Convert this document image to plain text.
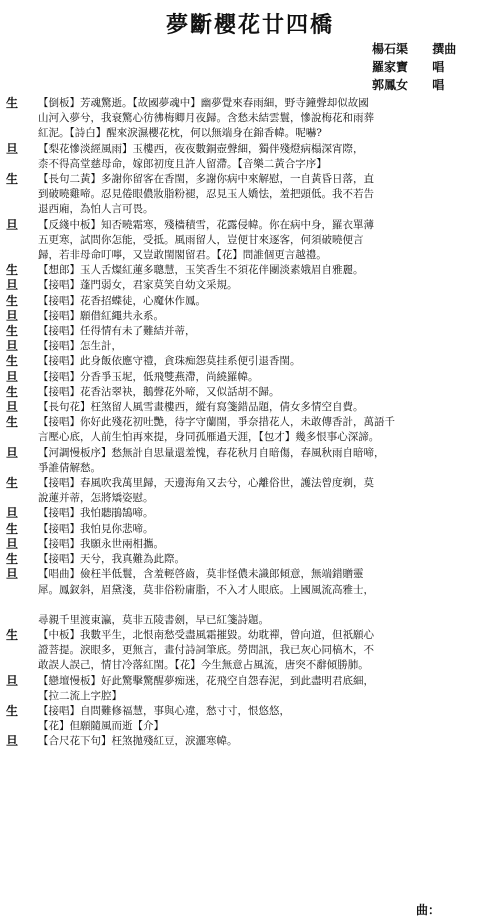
夢斷櫻花廿四橋
楊石渠 撰曲
羅家寶 唱
郭鳳女 唱
生 【倒板】芳魂驚逝。【故國夢魂中】幽夢覺來春雨細，野寺鐘聲却似故國
山河入夢兮，我衰驚心彷彿梅卿月夜歸。含愁未結雲鬟，慘說梅花和雨葬
紅泥。【詩白】醒來淚濕櫻花枕，何以無端身在錦香幃。呢嚇?
旦 【梨花慘淡經風雨】玉樓西，夜夜數銅壺聲細，獨伴殘燈病榻深宵際，
柰不得高堂慈母命，嫁郎初度且許人留滯。【音樂二黃合字序】
生 【長句二黃】多謝你留客在香閨，多謝你病中來解慰，一自黃昏日落，直
到破曉雞啼。忍見倦眼儂妝脂粉褪，忍見玉人嬌怯，羞把頭低。我不若告
退西廂，為怕人言可畏。
旦 【反綫中板】知否曉霜寒，殘檣積雪，花露侵幃。你在病中身，羅衣單薄
五更寒，試問你怎能，受抵。風雨留人，豈便甘來逐客，何須破曉便言
歸，若非母命叮嚀，又豈敢閨閣留君。【花】問誰個更言越禮。
生 【想郎】玉人舌燦紅蓮多聰慧，玉笑香生不須花伴團淡素娥眉自雅麗。
旦 【接唱】蓬門弱女，君家莫笑自幼文采規。
生 【接唱】花香招蝶徒，心魔休作鳳。
旦 【接唱】願借紅繩共永系。
生 【接唱】任得情有未了難結并蒂，
旦 【接唱】怎生計，
生 【接唱】此身飯依應守禮，貪珠痴怨莫挂系便引退香閨。
旦 【接唱】分香爭玉坭，低飛雙燕滯，尚繞羅幃。
生 【接唱】花香沾翠袂，鵝聲花外啼，又似話胡不歸。
旦 【長句花】枉煞留人風雪畫樓西，縱有寫箋錯品題，倩女多情空自費。
生 【接唱】你好此殘花初吐艷，待字守蘭閨，爭奈措花人，未敢傳香計，萬語千
言壓心底，人前生怕再來提，身同孤雁過天涯，【包才】幾多恨事心深諦。
旦 【河調慢板序】愁無計自思量還羞愧，春花秋月自暗傷，春風秋雨自暗啼，
爭誰倩解愁。
生 【接唱】春風吹我萬里歸，天邊海角又去兮，心離俗世，護法曾度剃，莫
說蓮并蒂，怎將矯姿慰。
旦 【接唱】我怕聽鵑鵠啼。
生 【接唱】我怕見你悲啼。
旦 【接唱】我願永世兩相攜。
生 【接唱】天兮，我真難為此際。
旦 【唱曲】儉枉半低鬟，含羞輕啓齒，莫非怪儂未識郎傾意，無端錯贈靈
犀。鳳釵斜，眉黛淺，莫非俗粉庸脂，不入才人眼底。上國風流高雅士，
尋親千里渡東瀛，莫非五陵書劍，早已紅箋詩題。
生 【中板】我數平生，北恨南愁受盡風霜摧毀。幼耽禪，曾向道，但祇願心
證菩提。淚眼多，更無言，畫付詩詞筆底。勞問訊，我已灰心同槁木，不
敢誤人誤己，情甘冷落紅閨。【花】今生無意占風流，唐突不辭傾勝肺。
旦 【戀壇慢板】好此驚擊驚醒夢痴迷，花飛空自怨春泥，到此盡明君底細，
【拉二流上字腔】
生 【接唱】自問難修福慧，事與心違，愁寸寸，恨悠悠，
【花】但願隨風而逝【介】
旦 【合尺花下句】枉煞拋殘紅豆，淚灑寒幃。
曲：
